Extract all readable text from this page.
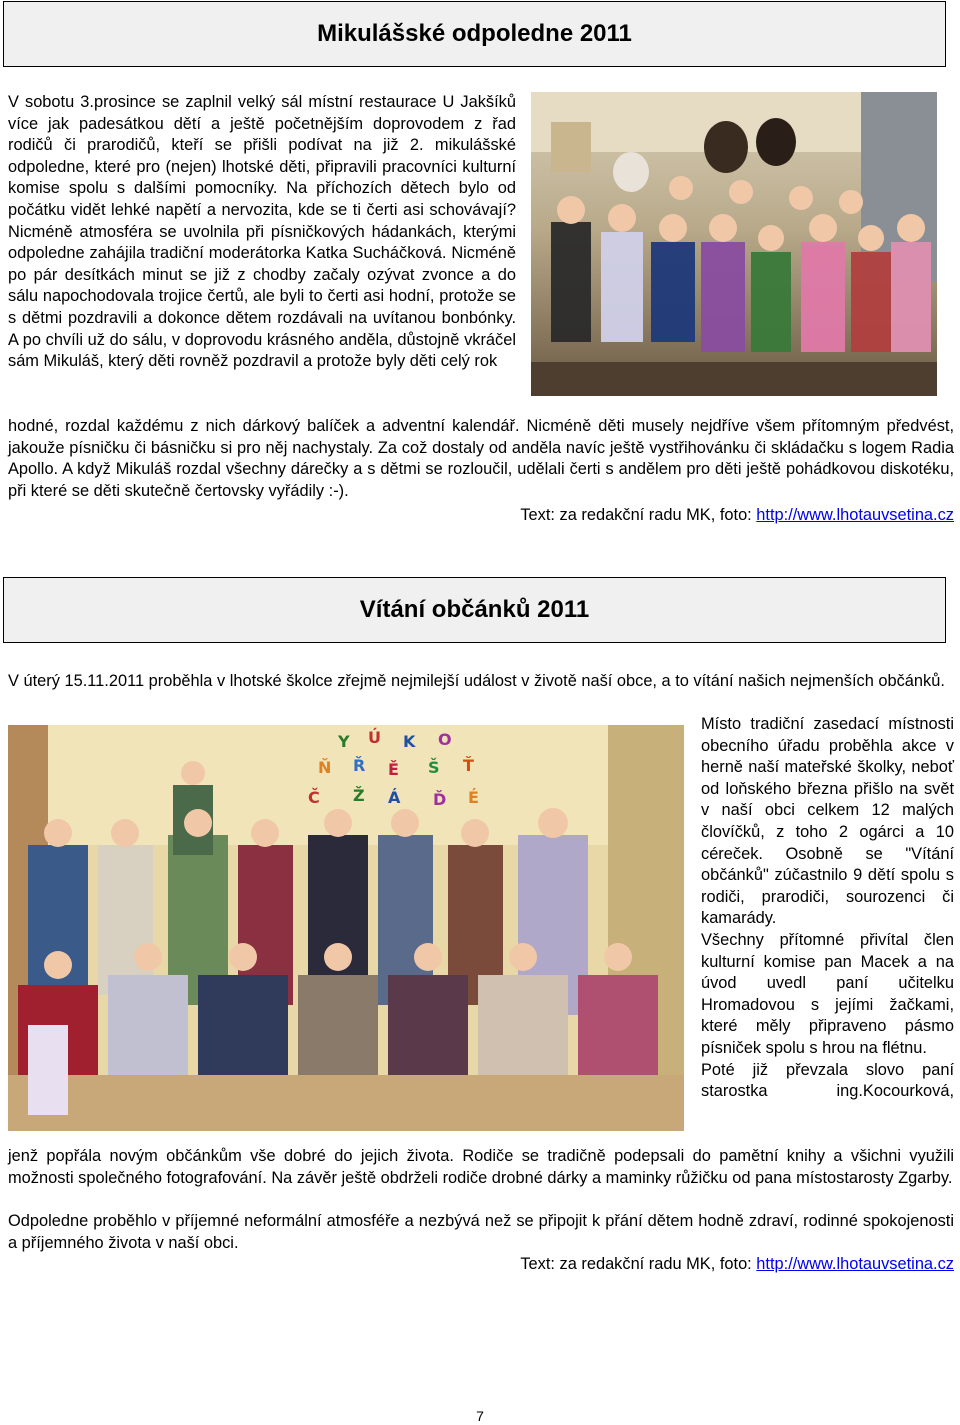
Mikulášské odpoledne 2011

V sobotu 3.prosince se zaplnil velký sál místní restaurace U Jakšíků více jak padesátkou dětí a ještě početnějším doprovodem z řad rodičů či prarodičů, kteří se přišli podívat na již 2. mikulášské odpoledne, které pro (nejen) lhotské děti, připravili pracovníci kulturní komise spolu s dalšími pomocníky. Na příchozích dětech bylo od počátku vidět lehké napětí a nervozita, kde se ti čerti asi schovávají? Nicméně atmosféra se uvolnila při písničkových hádankách, kterými odpoledne zahájila tradiční moderátorka Katka Sucháčková. Nicméně po pár desítkách minut se již z chodby začaly ozývat zvonce a do sálu napochodovala trojice čertů, ale byli to čerti asi hodní, protože se s dětmi pozdravili a dokonce dětem rozdávali na uvítanou bonbónky. A po chvíli už do sálu, v doprovodu krásného anděla, důstojně vkráčel sám Mikuláš, který děti rovněž pozdravil a protože byly děti celý rok

hodné, rozdal každému z nich dárkový balíček a adventní kalendář. Nicméně děti musely nejdříve všem přítomným předvést, jakouže písničku či básničku si pro něj nachystaly. Za což dostaly od anděla navíc ještě vystřihovánku či skládačku s logem Radia Apollo. A když Mikuláš rozdal všechny dárečky a s dětmi se rozloučil, udělali čerti s andělem pro děti ještě pohádkovou diskotéku, při které se děti skutečně čertovsky vyřádily :-).

Text: za redakční radu MK, foto: http://www.lhotauvsetina.cz
Vítání občánků 2011

V úterý 15.11.2011 proběhla v lhotské školce zřejmě nejmilejší událost v životě naší obce, a to vítání našich nejmenších občánků.

Y Ú K O
Ň Ř Ě Š Ť
Č Ž Á Ď É

Místo tradiční zasedací místnosti obecního úřadu proběhla akce v herně naší mateřské školky, neboť od loňského března přišlo na svět v naší obci celkem 12 malých človíčků, z toho 2 ogárci a 10 céreček. Osobně se "Vítání občánků" zúčastnilo 9 dětí spolu s rodiči, prarodiči, sourozenci či kamarády.

Všechny přítomné přivítal člen kulturní komise pan Macek a na úvod uvedl paní učitelku Hromadovou s jejími žačkami, které měly připraveno pásmo písniček spolu s hrou na flétnu.

Poté již převzala slovo paní starostka ing.Kocourková,

jenž popřála novým občánkům vše dobré do jejich života. Rodiče se tradičně podepsali do pamětní knihy a všichni využili možnosti společného fotografování. Na závěr ještě obdrželi rodiče drobné dárky a maminky růžičku od pana místostarosty Zgarby.

Odpoledne proběhlo v příjemné neformální atmosféře a nezbývá než se připojit k přání dětem hodně zdraví, rodinné spokojenosti a příjemného života v naší obci.

Text: za redakční radu MK, foto: http://www.lhotauvsetina.cz
7
